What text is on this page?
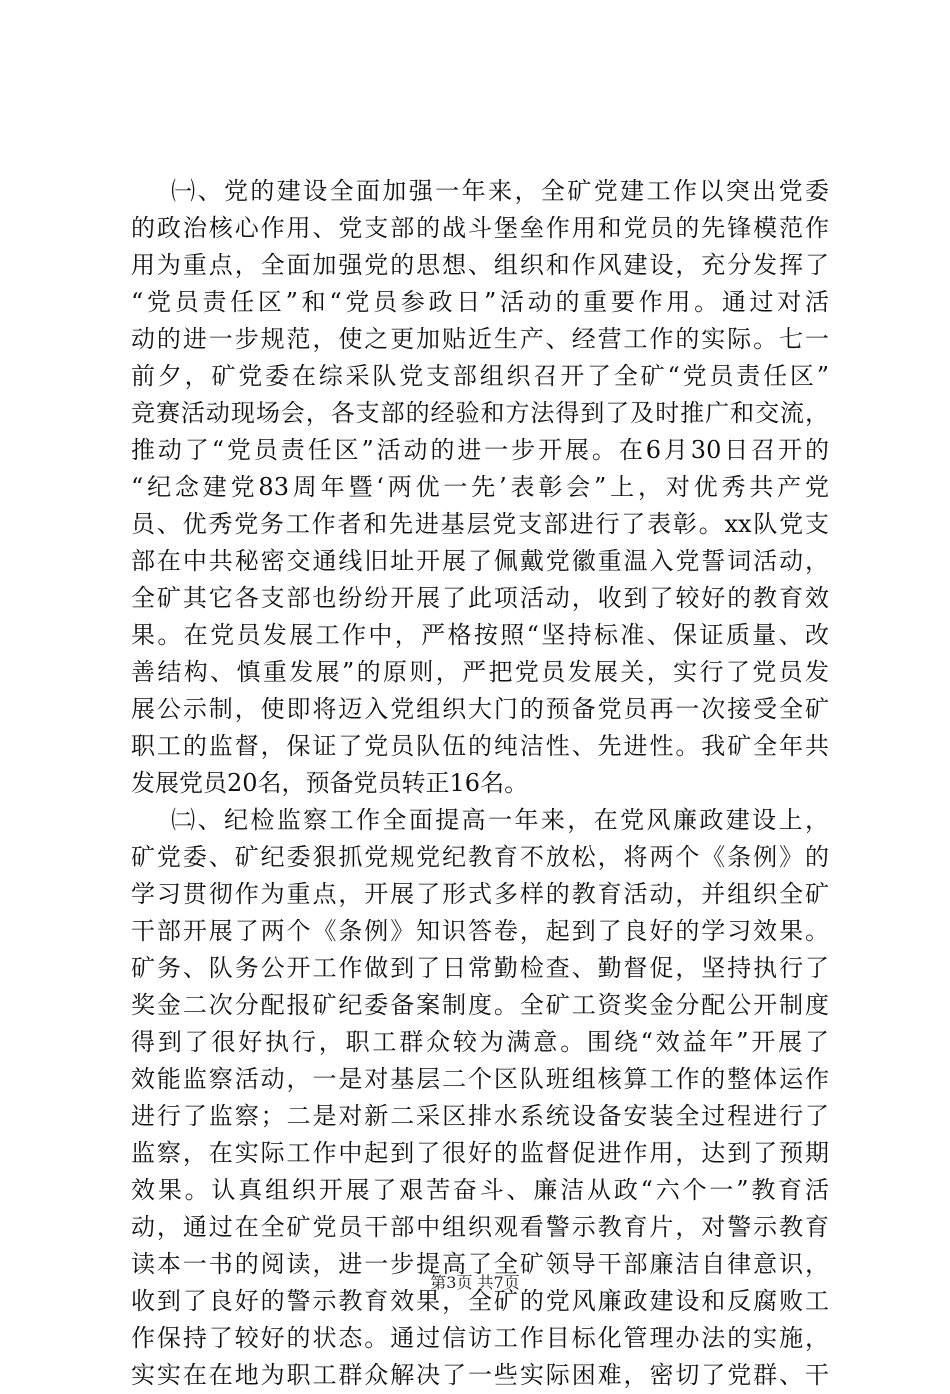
㈠、党的建设全面加强一年来，全矿党建工作以突出党委
的政治核心作用、党支部的战斗堡垒作用和党员的先锋模范作
用为重点，全面加强党的思想、组织和作风建设，充分发挥了
“党员责任区”和“党员参政日”活动的重要作用。通过对活
动的进一步规范，使之更加贴近生产、经营工作的实际。七一
前夕，矿党委在综采队党支部组织召开了全矿“党员责任区”
竞赛活动现场会，各支部的经验和方法得到了及时推广和交流，
推动了“党员责任区”活动的进一步开展。在6月30日召开的
“纪念建党83周年暨‘两优一先’表彰会”上，对优秀共产党
员、优秀党务工作者和先进基层党支部进行了表彰。xx队党支
部在中共秘密交通线旧址开展了佩戴党徽重温入党誓词活动，
全矿其它各支部也纷纷开展了此项活动，收到了较好的教育效
果。在党员发展工作中，严格按照“坚持标准、保证质量、改
善结构、慎重发展”的原则，严把党员发展关，实行了党员发
展公示制，使即将迈入党组织大门的预备党员再一次接受全矿
职工的监督，保证了党员队伍的纯洁性、先进性。我矿全年共
发展党员20名，预备党员转正16名。
㈡、纪检监察工作全面提高一年来，在党风廉政建设上，
矿党委、矿纪委狠抓党规党纪教育不放松，将两个《条例》的
学习贯彻作为重点，开展了形式多样的教育活动，并组织全矿
干部开展了两个《条例》知识答卷，起到了良好的学习效果。
矿务、队务公开工作做到了日常勤检查、勤督促，坚持执行了
奖金二次分配报矿纪委备案制度。全矿工资奖金分配公开制度
得到了很好执行，职工群众较为满意。围绕“效益年”开展了
效能监察活动，一是对基层二个区队班组核算工作的整体运作
进行了监察；二是对新二采区排水系统设备安装全过程进行了
监察，在实际工作中起到了很好的监督促进作用，达到了预期
效果。认真组织开展了艰苦奋斗、廉洁从政“六个一”教育活
动，通过在全矿党员干部中组织观看警示教育片，对警示教育
读本一书的阅读，进一步提高了全矿领导干部廉洁自律意识，
收到了良好的警示教育效果，全矿的党风廉政建设和反腐败工
作保持了较好的状态。通过信访工作目标化管理办法的实施，
实实在在地为职工群众解决了一些实际困难，密切了党群、干
第3页 共7页
